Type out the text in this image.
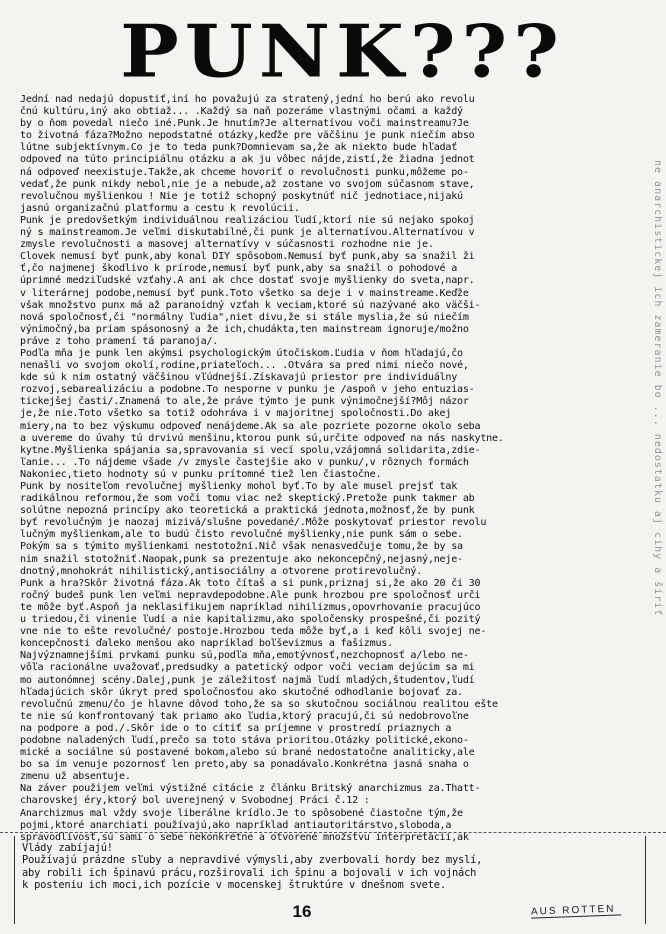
PUNK???
Jední nad nedajú dopustiť,iní ho považujú za stratený,jední ho berú ako revolu
čnú kultúru,iný ako obtiaž... .Každý sa naň pozeráme vlastnými očami a každý
by o ňom povedal niečo iné.Punk.Je hnutím?Je alternatívou voči mainstreamu?Je
to životná fáza?Možno nepodstatné otázky,keďže pre väčšinu je punk niečím abso
lútne subjektívnym.Čo je to teda punk?Domnievam sa,že ak niekto bude hľadať
odpoveď na túto principiálnu otázku a ak ju vôbec nájde,zistí,že žiadna jednot
ná odpoveď neexistuje.Takže,ak chceme hovoriť o revolučnosti punku,môžeme po-
vedať,že punk nikdy nebol,nie je a nebude,až zostane vo svojom súčasnom stave,
revolučnou myšlienkou ! Nie je totiž schopný poskytnúť nič jednotiace,nijakú
jasnú organizačnú platformu a cestu k revolúcii.
Punk je predovšetkým individuálnou realizáciou ľudí,ktorí nie sú nejako spokoj
ný s mainstreamom.Je veľmi diskutabilné,či punk je alternatívou.Alternatívou v
zmysle revolučnosti a masovej alternatívy v súčasnosti rozhodne nie je.
Človek nemusí byť punk,aby konal DIY spôsobom.Nemusí byť punk,aby sa snažil ži
ť,čo najmenej škodlivo k prírode,nemusí byť punk,aby sa snažil o pohodové a
úprimné medziľudské vzťahy.A ani ak chce dostať svoje myšlienky do sveta,napr.
v literárnej podobe,nemusí byť punk.Toto všetko sa deje i v mainstreame.Keďže
však množstvo punx má až paranoidný vzťah k veciam,ktoré sú nazývané ako väčši-
nová spoločnosť,či "normálny ľudia",niet divu,že si stále myslia,že sú niečím
výnimočný,ba priam spásonosný a že ich,chudákta,ten mainstream ignoruje/možno
práve z toho pramení tá paranoja/.
Podľa mňa je punk len akýmsi psychologickým útočiskom.Ľudia v ňom hľadajú,čo
nenašli vo svojom okolí,rodine,priateľoch... .Otvára sa pred nimi niečo nové,
kde sú k nim ostatný väčšinou vľúdnejší.Získavajú priestor pre individuálny
rozvoj,sebarealizáciu a podobne.To nesporne v punku je /aspoň v jeho entuzias-
tickejšej časti/.Znamená to ale,že práve týmto je punk výnimočnejší?Môj názor
je,že nie.Toto všetko sa totiž odohráva i v majoritnej spoločnosti.Do akej
miery,na to bez výskumu odpoveď nenájdeme.Ak sa ale pozriete pozorne okolo seba
a uvereme do úvahy tú drvivú menšinu,ktorou punk sú,určite odpoveď na nás naskytne.
kytne.Myšlienka spájania sa,spravovania si vecí spolu,vzájomná solidarita,zdie-
ľanie... .To nájdeme všade /v zmysle častejšie ako v punku/,v rôznych formách
Nakoniec,tieto hodnoty sú v punku prítomné tiež len čiastočne.
Punk by nositeľom revolučnej myšlienky mohol byť.To by ale musel prejsť tak
radikálnou reformou,že som voči tomu viac než skeptický.Pretože punk takmer ab
solútne nepozná princípy ako teoretická a praktická jednota,možnosť,že by punk
byť revolučným je naozaj mizivá/slušne povedané/.Môže poskytovať priestor revolu
lučným myšlienkam,ale to budú čisto revolučné myšlienky,nie punk sám o sebe.
Pokým sa s týmito myšlienkami nestotožní.Nič však nenasvedčuje tomu,že by sa
nim snažil stotožniť.Naopak,punk sa prezentuje ako nekoncepčný,nejasný,neje-
dnotný,mnohokrát nihilistický,antisociálny a otvorene protirevolučný.
Punk a hra?Skôr životná fáza.Ak toto čítaš a si punk,priznaj si,že ako 20 či 30
ročný budeš punk len veľmi nepravdepodobne.Ale punk hrozbou pre spoločnosť urči
te môže byť.Aspoň ja neklasifikujem napríklad nihilizmus,opovrhovanie pracujúco
u triedou,či vinenie ľudí a nie kapitalizmu,ako spoločensky prospešné,či pozitý
vne nie to ešte revolučné/ postoje.Hrozbou teda môže byť,a i keď kôli svojej ne-
koncepčnosti ďaleko menšou ako napríklad boľševizmus a fašizmus.
Najvýznamnejšími prvkami punku sú,podľa mňa,emotývnosť,nezchopnosť a/lebo ne-
vôľa racionálne uvažovať,predsudky a patetický odpor voči veciam dejúcim sa mi
mo autonómnej scény.Ďalej,punk je záležitosť najmä ľudí mladých,študentov,ľudí
hľadajúcich skôr úkryt pred spoločnosťou ako skutočné odhodlanie bojovať za.
revolučnú zmenu/čo je hlavne dôvod toho,že sa so skutočnou sociálnou realitou ešte
te nie sú konfrontovaný tak priamo ako ľudia,ktorý pracujú,či sú nedobrovoľne
na podpore a pod./.Skôr ide o to cítiť sa príjemne v prostredí priaznych a
podobne naladených ľudí,prečo sa toto stáva prioritou.Otázky politické,ekono-
mické a sociálne sú postavené bokom,alebo sú brané nedostatočne analiticky,ale
bo sa im venuje pozornosť len preto,aby sa ponadávalo.Konkrétna jasná snaha o
zmenu už absentuje.
Na záver použijem veľmi výstižné citácie z článku Britský anarchizmus za.Thatt-
charovskej éry,ktorý bol uverejnený v Svobodnej Práci č.12 :
Anarchizmus mal vždy svoje liberálne krídlo.Je to spôsobené čiastočne tým,že
pojmi,ktoré anarchiati používajú,ako napríklad antiautoritárstvo,sloboda,a
spravodlivosť,sú sami o sebe nekonkrétne a otvorené množstvu interpretácií,ak
ne anarchistickej ich zameranie bo ... nedostatku aj cihy a šíriť
Vlády zabíjajú!
Používajú prázdne sľuby a nepravdivé výmysli,aby zverbovali hordy bez myslí,
aby robili ich špinavú prácu,rozširovali ich špinu a bojovali v ich vojnách
k posteniu ich moci,ich pozície v mocenskej štruktúre v dnešnom svete.
16	AUS ROTTEN
